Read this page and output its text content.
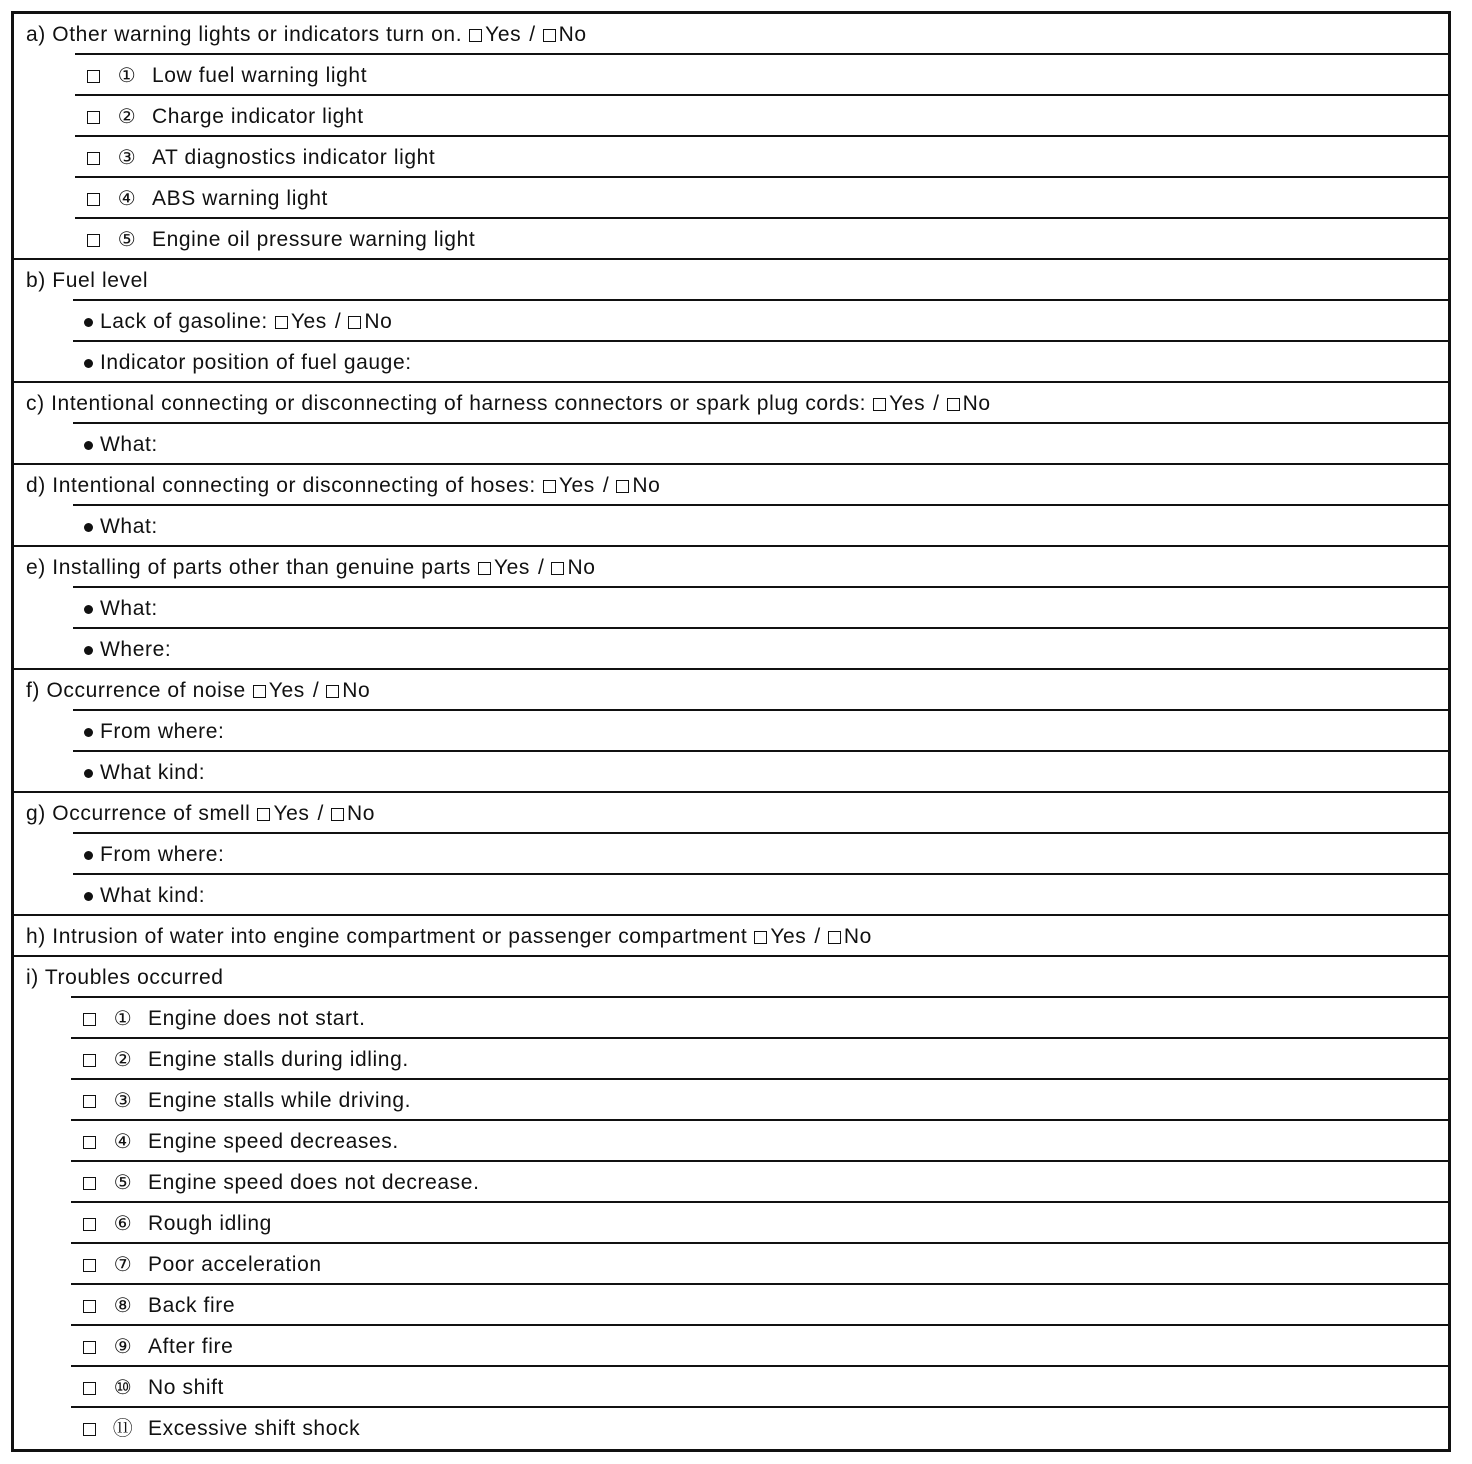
a) Other warning lights or indicators turn on. Yes / No
① Low fuel warning light
② Charge indicator light
③ AT diagnostics indicator light
④ ABS warning light
⑤ Engine oil pressure warning light
b) Fuel level
Lack of gasoline: Yes / No
Indicator position of fuel gauge:
c) Intentional connecting or disconnecting of harness connectors or spark plug cords: Yes / No
What:
d) Intentional connecting or disconnecting of hoses: Yes / No
What:
e) Installing of parts other than genuine parts Yes / No
What:
Where:
f) Occurrence of noise Yes / No
From where:
What kind:
g) Occurrence of smell Yes / No
From where:
What kind:
h) Intrusion of water into engine compartment or passenger compartment Yes / No
i) Troubles occurred
① Engine does not start.
② Engine stalls during idling.
③ Engine stalls while driving.
④ Engine speed decreases.
⑤ Engine speed does not decrease.
⑥ Rough idling
⑦ Poor acceleration
⑧ Back fire
⑨ After fire
⑩ No shift
⑪ Excessive shift shock
